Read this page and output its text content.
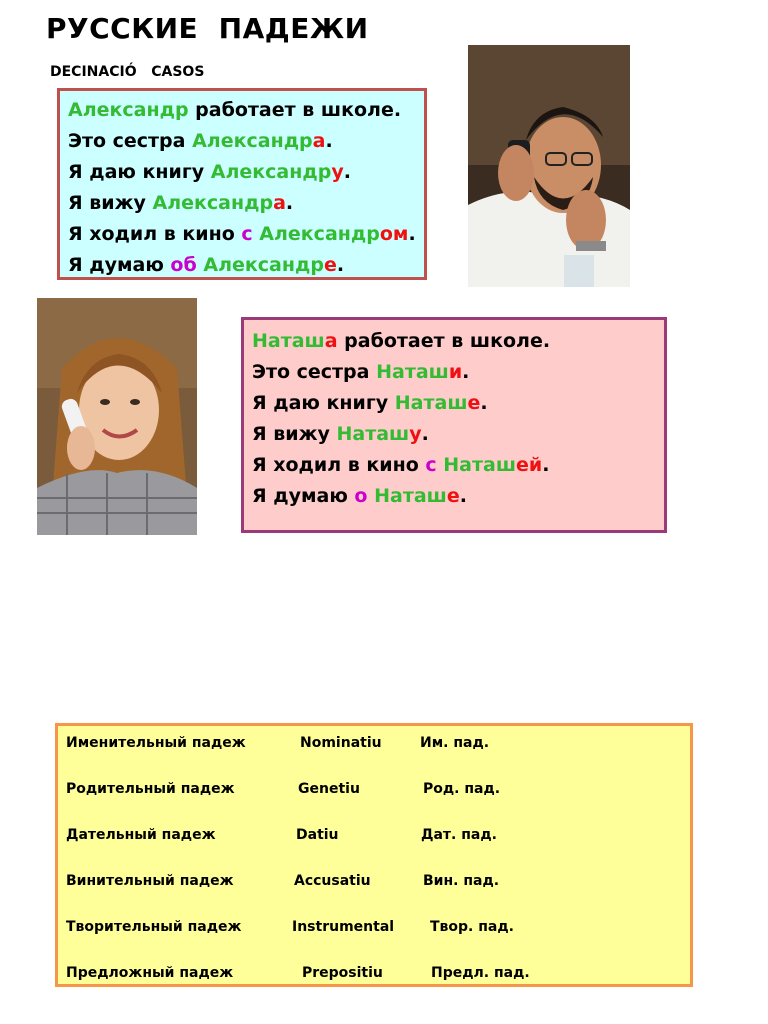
РУССКИЕ  ПАДЕЖИ
DECINACIÓ   CASOS
Александр работает в школе.
Это сестра Александра.
Я даю книгу Александру.
Я вижу Александра.
Я ходил в кино с Александром.
Я думаю об Александре.
Наташа работает в школе.
Это сестра Наташи.
Я даю книгу Наташе.
Я вижу Наташу.
Я ходил в кино с Наташей.
Я думаю о Наташе.
Именительный падеж	Nominatiu	Им. пад.
Родительный падеж	Genetiu	Род. пад.
Дательный падеж	Datiu	Дат. пад.
Винительный падеж	Accusatiu	Вин. пад.
Творительный падеж	Instrumental	Твор. пад.
Предложный падеж	Prepositiu	Предл. пад.
